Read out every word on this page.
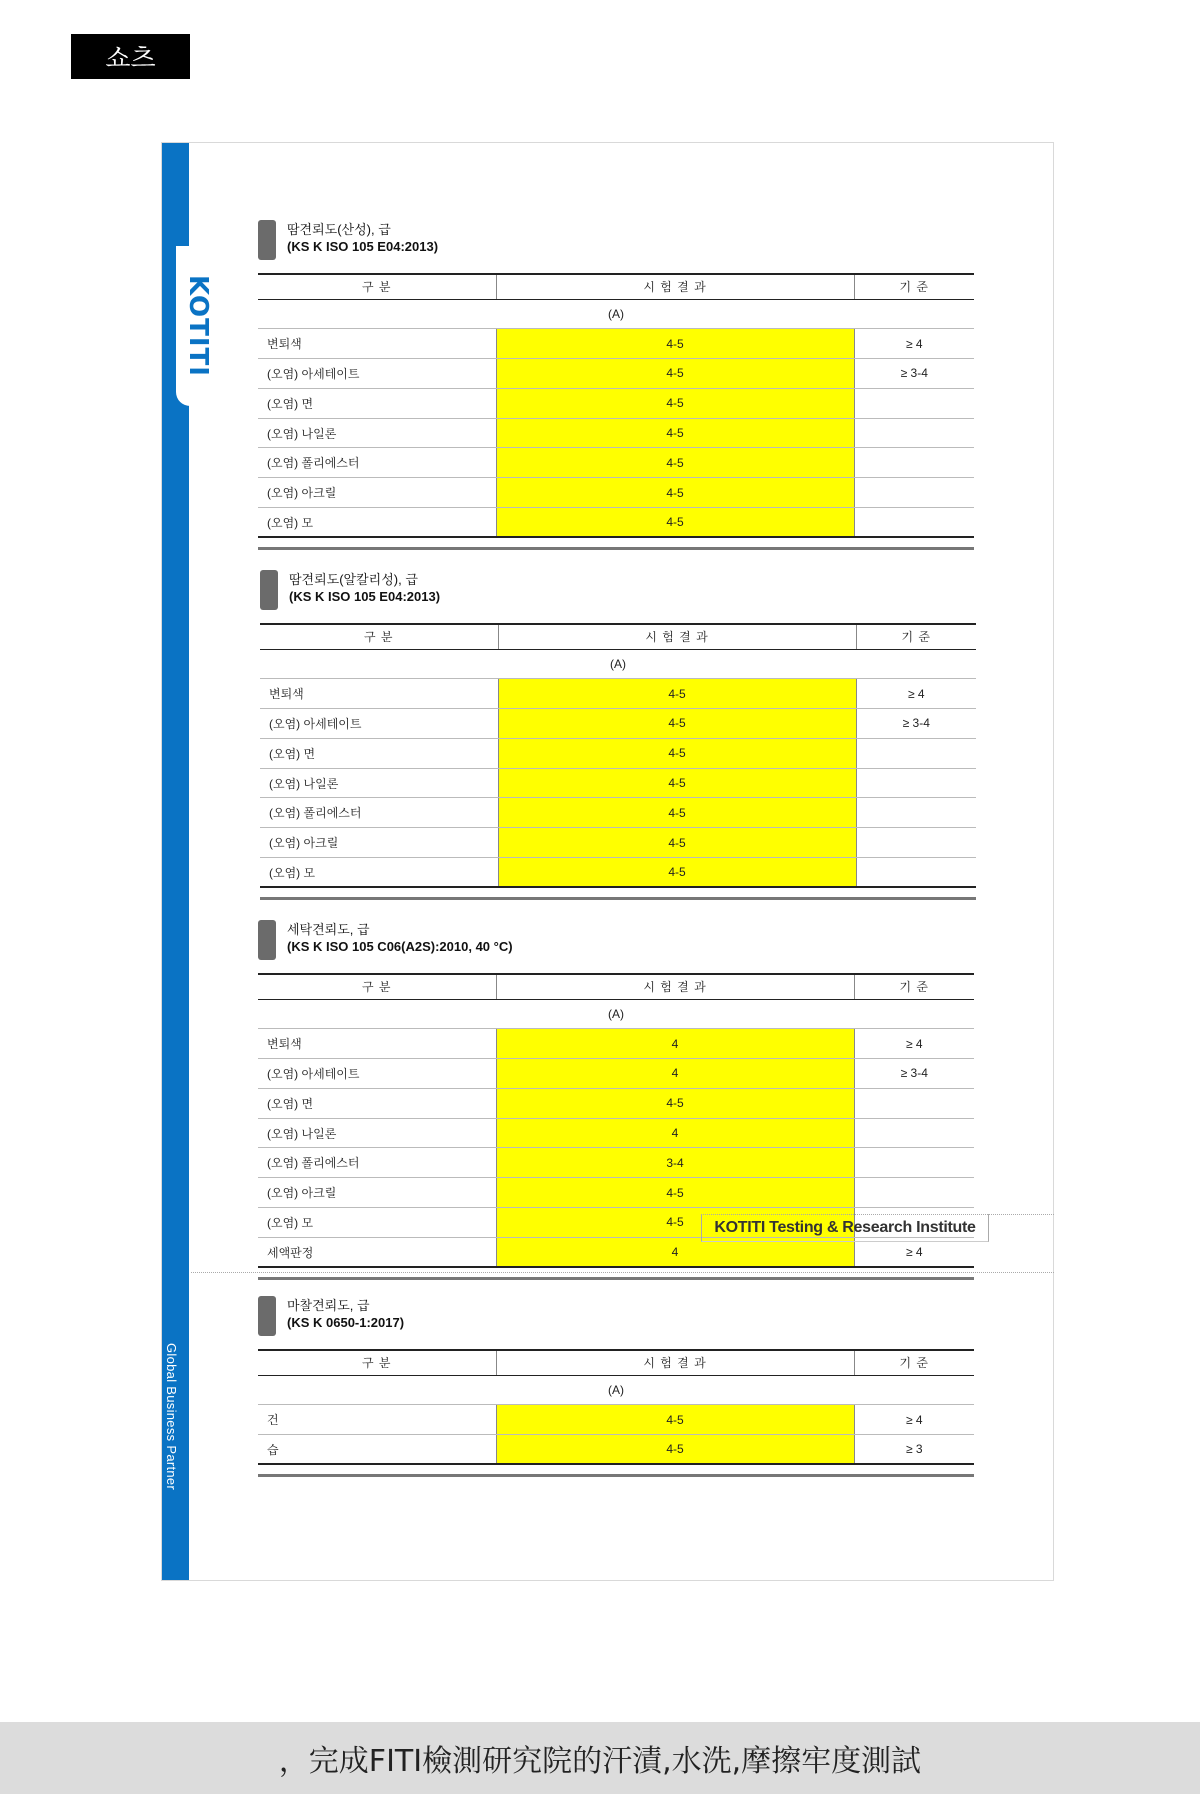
쇼츠
Global Business Partner
KOTITI
땀견뢰도(산성), 급
(KS K ISO 105 E04:2013)
구 분	시 험 결 과	기 준
(A)		
변퇴색	4-5	≥ 4
(오염) 아세테이트	4-5	≥ 3-4
(오염) 면	4-5	
(오염) 나일론	4-5	
(오염) 폴리에스터	4-5	
(오염) 아크릴	4-5	
(오염) 모	4-5	
땀견뢰도(알칼리성), 급
(KS K ISO 105 E04:2013)
구 분	시 험 결 과	기 준
(A)		
변퇴색	4-5	≥ 4
(오염) 아세테이트	4-5	≥ 3-4
(오염) 면	4-5	
(오염) 나일론	4-5	
(오염) 폴리에스터	4-5	
(오염) 아크릴	4-5	
(오염) 모	4-5	
세탁견뢰도, 급
(KS K ISO 105 C06(A2S):2010, 40 °C)
구 분	시 험 결 과	기 준
(A)		
변퇴색	4	≥ 4
(오염) 아세테이트	4	≥ 3-4
(오염) 면	4-5	
(오염) 나일론	4	
(오염) 폴리에스터	3-4	
(오염) 아크릴	4-5	
(오염) 모	4-5	
세액판정	4	≥ 4
마찰견뢰도, 급
(KS K 0650-1:2017)
구 분	시 험 결 과	기 준
(A)		
건	4-5	≥ 4
습	4-5	≥ 3
KOTITI Testing & Research Institute
，完成FITI檢測研究院的汗漬,水洗,摩擦牢度測試
